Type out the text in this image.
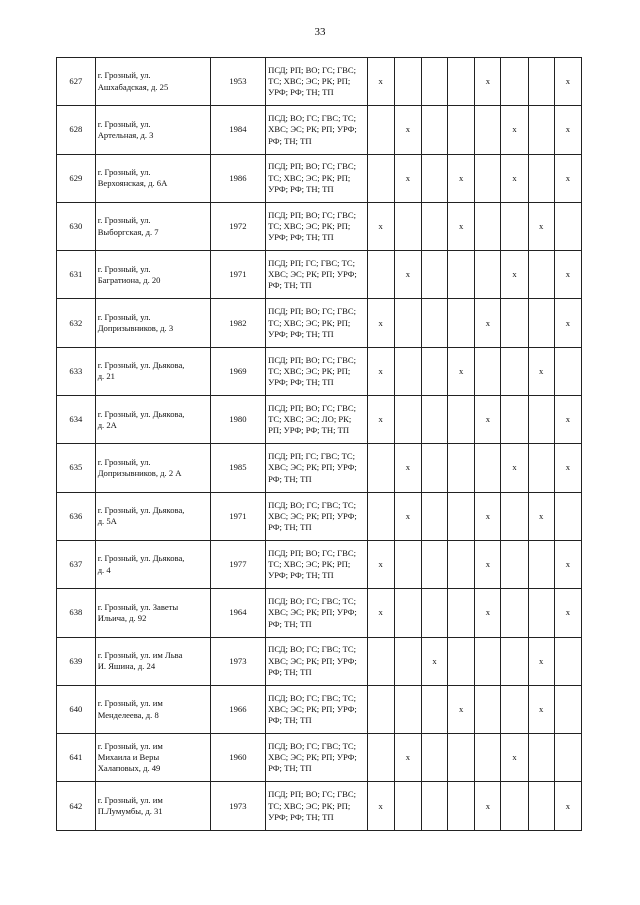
33
627	г. Грозный, ул.
Ашхабадская, д. 25	1953	ПСД; РП; ВО; ГС; ГВС; ТС; ХВС; ЭС; РК; РП; УРФ; РФ; ТН; ТП	x				x			x
628	г. Грозный, ул.
Артельная, д. 3	1984	ПСД; ВО; ГС; ГВС; ТС; ХВС; ЭС; РК; РП; УРФ; РФ; ТН; ТП		x				x		x
629	г. Грозный, ул.
Верхоянская, д. 6А	1986	ПСД; РП; ВО; ГС; ГВС; ТС; ХВС; ЭС; РК; РП; УРФ; РФ; ТН; ТП		x		x		x		x
630	г. Грозный, ул.
Выборгская, д. 7	1972	ПСД; РП; ВО; ГС; ГВС; ТС; ХВС; ЭС; РК; РП; УРФ; РФ; ТН; ТП	x			x			x	
631	г. Грозный, ул.
Багратиона, д. 20	1971	ПСД; РП; ГС; ГВС; ТС; ХВС; ЭС; РК; РП; УРФ; РФ; ТН; ТП		x				x		x
632	г. Грозный, ул.
Допризывников, д. 3	1982	ПСД; РП; ВО; ГС; ГВС; ТС; ХВС; ЭС; РК; РП; УРФ; РФ; ТН; ТП	x				x			x
633	г. Грозный, ул. Дьякова,
д. 21	1969	ПСД; РП; ВО; ГС; ГВС; ТС; ХВС; ЭС; РК; РП; УРФ; РФ; ТН; ТП	x			x			x	
634	г. Грозный, ул. Дьякова,
д. 2А	1980	ПСД; РП; ВО; ГС; ГВС; ТС; ХВС; ЭС; ЛО; РК; РП; УРФ; РФ; ТН; ТП	x				x			x
635	г. Грозный, ул.
Допризывников, д. 2 А	1985	ПСД; РП; ГС; ГВС; ТС; ХВС; ЭС; РК; РП; УРФ; РФ; ТН; ТП		x				x		x
636	г. Грозный, ул. Дьякова,
д. 5А	1971	ПСД; ВО; ГС; ГВС; ТС; ХВС; ЭС; РК; РП; УРФ; РФ; ТН; ТП		x			x		x	
637	г. Грозный, ул. Дьякова,
д. 4	1977	ПСД; РП; ВО; ГС; ГВС; ТС; ХВС; ЭС; РК; РП; УРФ; РФ; ТН; ТП	x				x			x
638	г. Грозный, ул. Заветы
Ильича, д. 92	1964	ПСД; ВО; ГС; ГВС; ТС; ХВС; ЭС; РК; РП; УРФ; РФ; ТН; ТП	x				x			x
639	г. Грозный, ул. им Льва
И. Яшина, д. 24	1973	ПСД; ВО; ГС; ГВС; ТС; ХВС; ЭС; РК; РП; УРФ; РФ; ТН; ТП			x				x	
640	г. Грозный, ул. им
Менделеева, д. 8	1966	ПСД; ВО; ГС; ГВС; ТС; ХВС; ЭС; РК; РП; УРФ; РФ; ТН; ТП				x			x	
641	г. Грозный, ул. им
Михаила и Веры
Халаповых, д. 49	1960	ПСД; ВО; ГС; ГВС; ТС; ХВС; ЭС; РК; РП; УРФ; РФ; ТН; ТП		x				x		
642	г. Грозный, ул. им
П.Лумумбы, д. 31	1973	ПСД; РП; ВО; ГС; ГВС; ТС; ХВС; ЭС; РК; РП; УРФ; РФ; ТН; ТП	x				x			x
